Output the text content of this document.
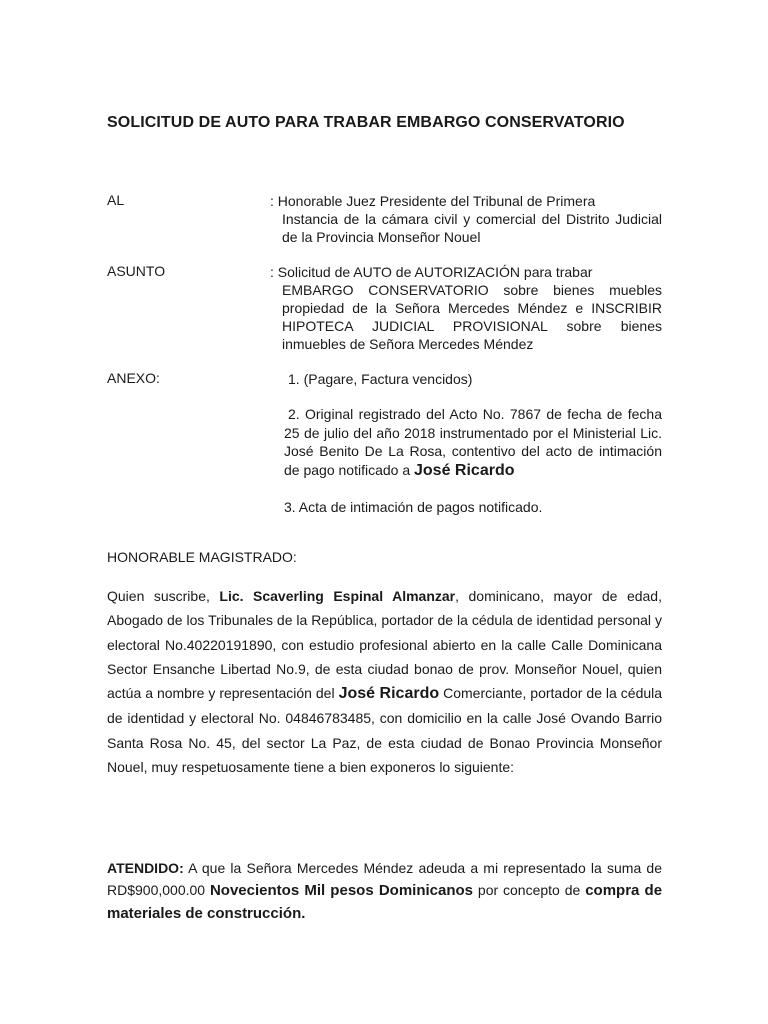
SOLICITUD DE AUTO PARA TRABAR EMBARGO CONSERVATORIO
AL	: Honorable Juez Presidente del Tribunal de Primera
Instancia de la cámara civil y comercial del Distrito Judicial de la Provincia Monseñor Nouel
ASUNTO	: Solicitud de AUTO de AUTORIZACIÓN para trabar
EMBARGO CONSERVATORIO sobre bienes muebles propiedad de la Señora Mercedes Méndez e INSCRIBIR HIPOTECA JUDICIAL PROVISIONAL sobre bienes inmuebles de Señora Mercedes Méndez
ANEXO:	1. (Pagare, Factura vencidos)
2. Original registrado del Acto No. 7867 de fecha de fecha 25 de julio del año 2018 instrumentado por el Ministerial Lic. José Benito De La Rosa, contentivo del acto de intimación de pago notificado a José Ricardo
3. Acta de intimación de pagos notificado.
HONORABLE MAGISTRADO:
Quien suscribe, Lic. Scaverling Espinal Almanzar, dominicano, mayor de edad, Abogado de los Tribunales de la República, portador de la cédula de identidad personal y electoral No.40220191890, con estudio profesional abierto en la calle Calle Dominicana Sector Ensanche Libertad No.9, de esta ciudad bonao de prov. Monseñor Nouel, quien actúa a nombre y representación del José Ricardo Comerciante, portador de la cédula de identidad y electoral No. 04846783485, con domicilio en la calle José Ovando Barrio Santa Rosa No. 45, del sector La Paz, de esta ciudad de Bonao Provincia Monseñor Nouel, muy respetuosamente tiene a bien exponeros lo siguiente:
ATENDIDO: A que la Señora Mercedes Méndez adeuda a mi representado la suma de RD$900,000.00 Novecientos Mil pesos Dominicanos por concepto de compra de materiales de construcción.
